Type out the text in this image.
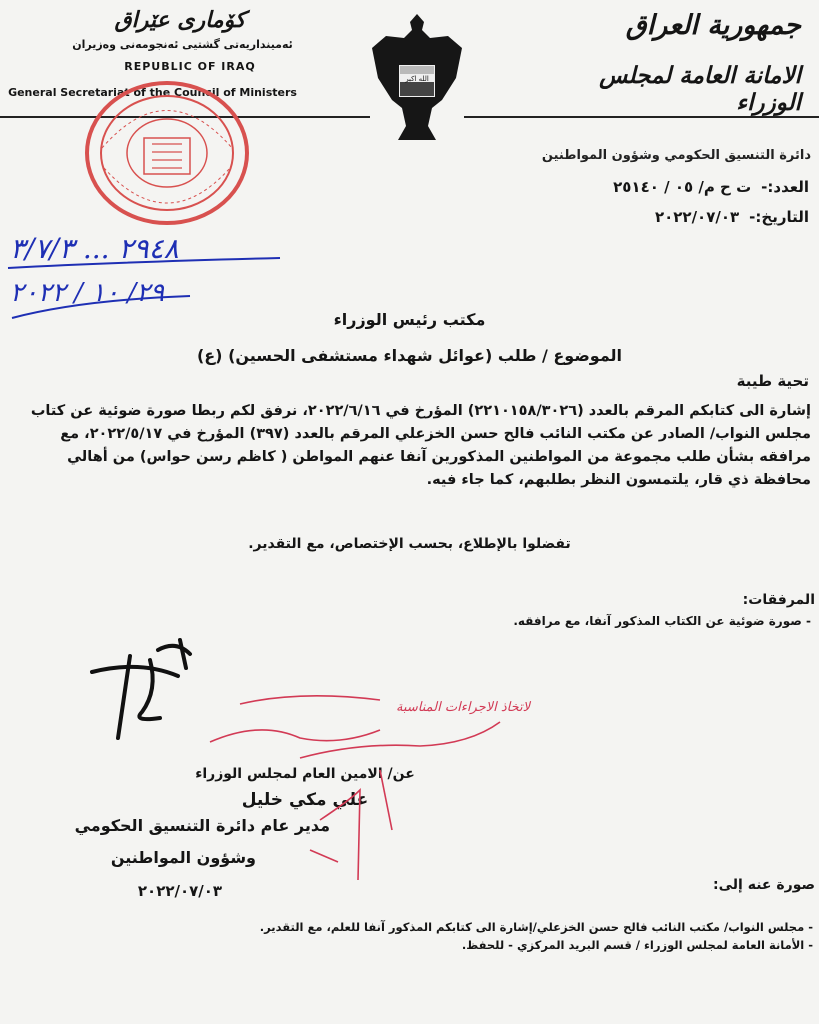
كۆماری عێراق
ئەمینداریەتی گشتیی ئەنجومەنی وەزیران
REPUBLIC OF IRAQ
General Secretariat of the Council of Ministers
جمهورية العراق
الامانة العامة لمجلس الوزراء
الله اكبر
دائرة التنسيق الحكومي وشؤون المواطنين
العدد:-
ت ح م/ ٠٥ / ٢٥١٤٠
التاريخ:-
٢٠٢٢/٠٧/٠٣
٢٩٤٨ ... ٣/٧/٣
٢٩/ ١٠ / ٢٠٢٢
مكتب رئيس الوزراء
الموضوع / طلب (عوائل شهداء مستشفى الحسين) (ع)
تحية طيبة
إشارة الى كتابكم المرقم بالعدد (٢٢١٠١٥٨/٣٠٢٦) المؤرخ في ٢٠٢٢/٦/١٦، نرفق لكم ربطا صورة ضوئية عن كتاب مجلس النواب/ الصادر عن مكتب النائب فالح حسن الخزعلي المرقم بالعدد (٣٩٧) المؤرخ في ٢٠٢٢/٥/١٧، مع مرافقه بشأن طلب مجموعة من المواطنين المذكورين آنفا عنهم المواطن ( كاظم رسن حواس) من أهالي محافظة ذي قار، يلتمسون النظر بطلبهم، كما جاء فيه.
تفضلوا بالإطلاع، بحسب الإختصاص، مع التقدير.
المرفقات:
- صورة ضوئية عن الكتاب المذكور آنفا، مع مرافقه.
عن/ الامين العام لمجلس الوزراء
علي مكي خليل
مدير عام دائرة التنسيق الحكومي
وشؤون المواطنين
٢٠٢٢/٠٧/٠٣	صورة عنه إلى:
- مجلس النواب/ مكتب النائب فالح حسن الخزعلي/إشارة الى كتابكم المذكور آنفا للعلم، مع التقدير.
- الأمانة العامة لمجلس الوزراء / قسم البريد المركزي - للحفظ.
لاتخاذ الاجراءات المناسبة
